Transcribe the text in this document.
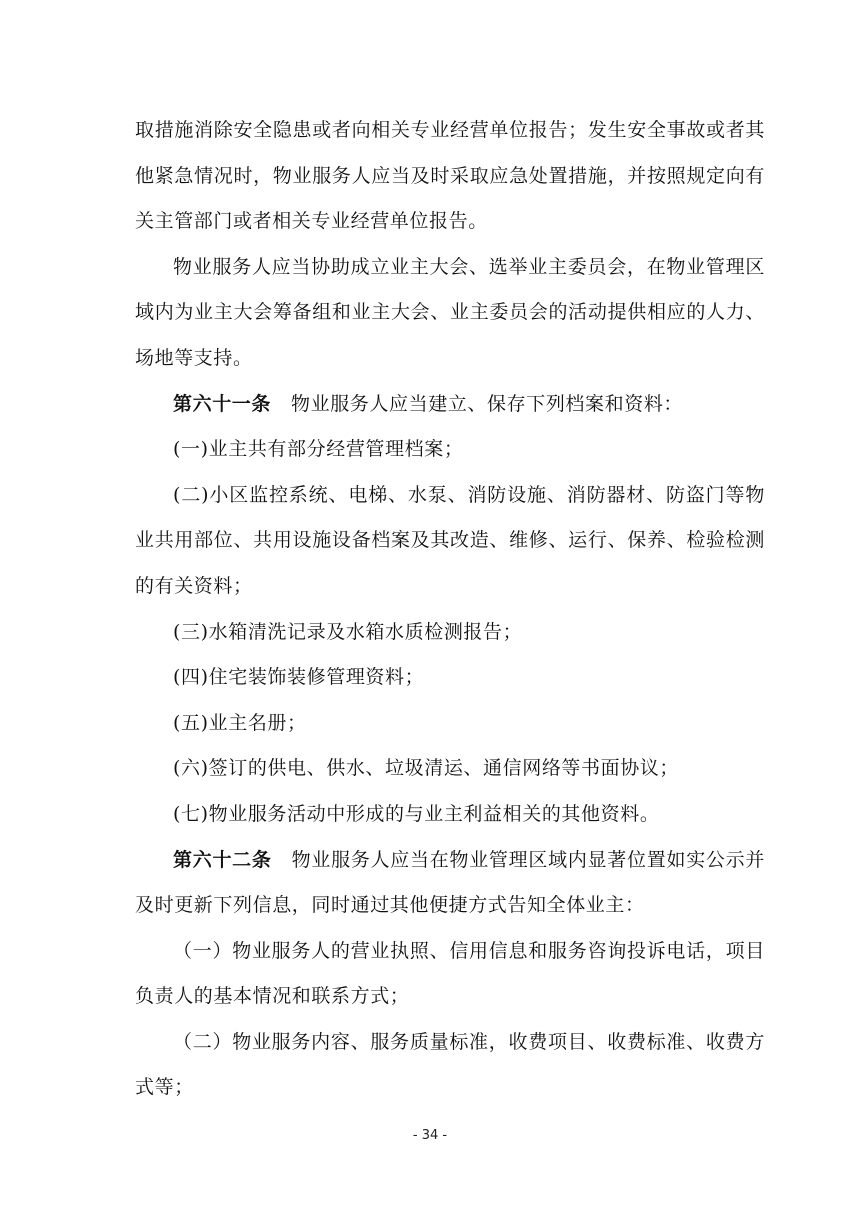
取措施消除安全隐患或者向相关专业经营单位报告；发生安全事故或者其他紧急情况时，物业服务人应当及时采取应急处置措施，并按照规定向有关主管部门或者相关专业经营单位报告。

物业服务人应当协助成立业主大会、选举业主委员会，在物业管理区域内为业主大会筹备组和业主大会、业主委员会的活动提供相应的人力、场地等支持。

第六十一条 物业服务人应当建立、保存下列档案和资料：

(一)业主共有部分经营管理档案；

(二)小区监控系统、电梯、水泵、消防设施、消防器材、防盗门等物业共用部位、共用设施设备档案及其改造、维修、运行、保养、检验检测的有关资料；

(三)水箱清洗记录及水箱水质检测报告；

(四)住宅装饰装修管理资料；

(五)业主名册；

(六)签订的供电、供水、垃圾清运、通信网络等书面协议；

(七)物业服务活动中形成的与业主利益相关的其他资料。

第六十二条 物业服务人应当在物业管理区域内显著位置如实公示并及时更新下列信息，同时通过其他便捷方式告知全体业主：

（一）物业服务人的营业执照、信用信息和服务咨询投诉电话，项目负责人的基本情况和联系方式；

（二）物业服务内容、服务质量标准，收费项目、收费标准、收费方式等；

- 34 -
